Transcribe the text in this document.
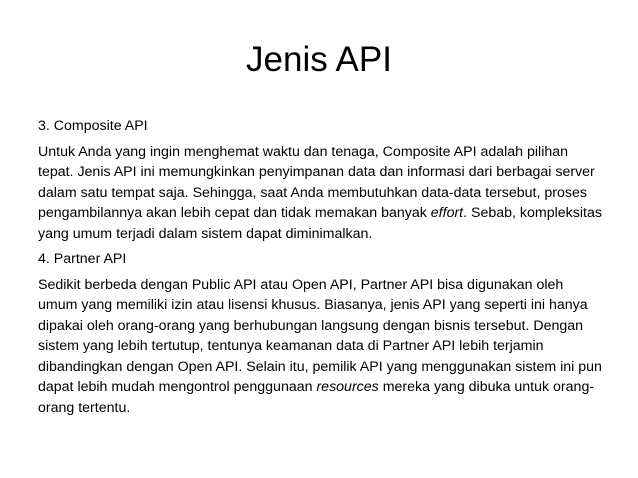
Jenis API

3. Composite API

Untuk Anda yang ingin menghemat waktu dan tenaga, Composite API adalah pilihan tepat. Jenis API ini memungkinkan penyimpanan data dan informasi dari berbagai server dalam satu tempat saja. Sehingga, saat Anda membutuhkan data-data tersebut, proses pengambilannya akan lebih cepat dan tidak memakan banyak effort. Sebab, kompleksitas yang umum terjadi dalam sistem dapat diminimalkan.

4. Partner API

Sedikit berbeda dengan Public API atau Open API, Partner API bisa digunakan oleh umum yang memiliki izin atau lisensi khusus. Biasanya, jenis API yang seperti ini hanya dipakai oleh orang-orang yang berhubungan langsung dengan bisnis tersebut. Dengan sistem yang lebih tertutup, tentunya keamanan data di Partner API lebih terjamin dibandingkan dengan Open API. Selain itu, pemilik API yang menggunakan sistem ini pun dapat lebih mudah mengontrol penggunaan resources mereka yang dibuka untuk orang-orang tertentu.
